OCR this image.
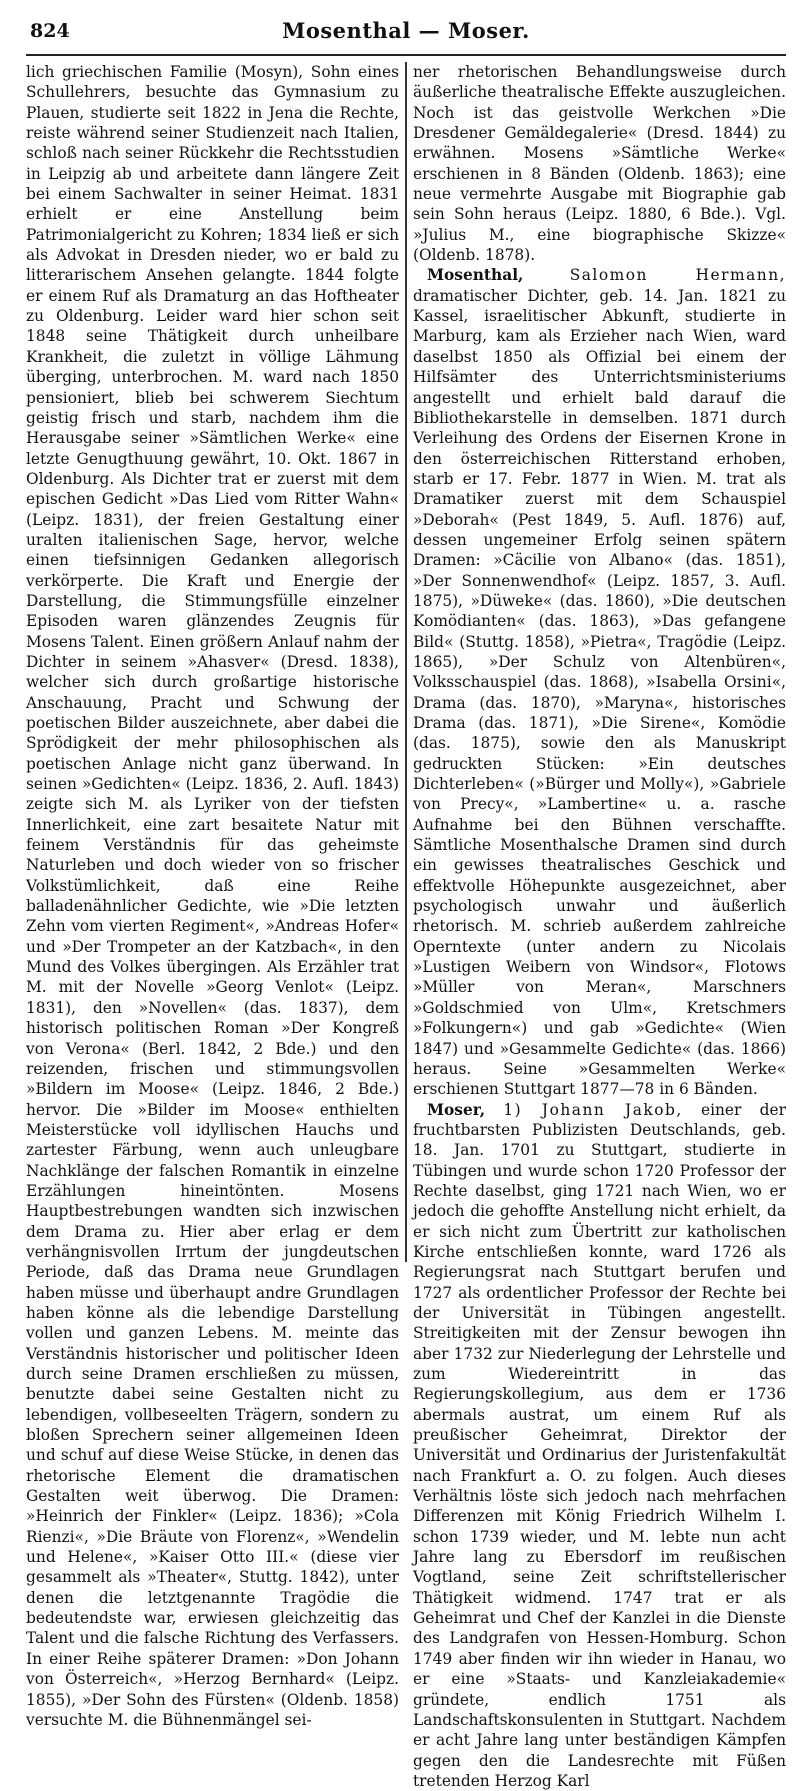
824	Mosenthal — Moser.

lich griechischen Familie (Mosyn), Sohn eines Schullehrers, besuchte das Gymnasium zu Plauen, studierte seit 1822 in Jena die Rechte, reiste während seiner Studienzeit nach Italien, schloß nach seiner Rückkehr die Rechtsstudien in Leipzig ab und arbeitete dann längere Zeit bei einem Sachwalter in seiner Heimat. 1831 erhielt er eine Anstellung beim Patrimonialgericht zu Kohren; 1834 ließ er sich als Advokat in Dresden nieder, wo er bald zu litterarischem Ansehen gelangte. 1844 folgte er einem Ruf als Dramaturg an das Hoftheater zu Oldenburg. Leider ward hier schon seit 1848 seine Thätigkeit durch unheilbare Krankheit, die zuletzt in völlige Lähmung überging, unterbrochen. M. ward nach 1850 pensioniert, blieb bei schwerem Siechtum geistig frisch und starb, nachdem ihm die Herausgabe seiner »Sämtlichen Werke« eine letzte Genugthuung gewährt, 10. Okt. 1867 in Oldenburg. Als Dichter trat er zuerst mit dem epischen Gedicht »Das Lied vom Ritter Wahn« (Leipz. 1831), der freien Gestaltung einer uralten italienischen Sage, hervor, welche einen tiefsinnigen Gedanken allegorisch verkörperte. Die Kraft und Energie der Darstellung, die Stimmungsfülle einzelner Episoden waren glänzendes Zeugnis für Mosens Talent. Einen größern Anlauf nahm der Dichter in seinem »Ahasver« (Dresd. 1838), welcher sich durch großartige historische Anschauung, Pracht und Schwung der poetischen Bilder auszeichnete, aber dabei die Sprödigkeit der mehr philosophischen als poetischen Anlage nicht ganz überwand. In seinen »Gedichten« (Leipz. 1836, 2. Aufl. 1843) zeigte sich M. als Lyriker von der tiefsten Innerlichkeit, eine zart besaitete Natur mit feinem Verständnis für das geheimste Naturleben und doch wieder von so frischer Volkstümlichkeit, daß eine Reihe balladenähnlicher Gedichte, wie »Die letzten Zehn vom vierten Regiment«, »Andreas Hofer« und »Der Trompeter an der Katzbach«, in den Mund des Volkes übergingen. Als Erzähler trat M. mit der Novelle »Georg Venlot« (Leipz. 1831), den »Novellen« (das. 1837), dem historisch politischen Roman »Der Kongreß von Verona« (Berl. 1842, 2 Bde.) und den reizenden, frischen und stimmungsvollen »Bildern im Moose« (Leipz. 1846, 2 Bde.) hervor. Die »Bilder im Moose« enthielten Meisterstücke voll idyllischen Hauchs und zartester Färbung, wenn auch unleugbare Nachklänge der falschen Romantik in einzelne Erzählungen hineintönten. Mosens Hauptbestrebungen wandten sich inzwischen dem Drama zu. Hier aber erlag er dem verhängnisvollen Irrtum der jungdeutschen Periode, daß das Drama neue Grundlagen haben müsse und überhaupt andre Grundlagen haben könne als die lebendige Darstellung vollen und ganzen Lebens. M. meinte das Verständnis historischer und politischer Ideen durch seine Dramen erschließen zu müssen, benutzte dabei seine Gestalten nicht zu lebendigen, vollbeseelten Trägern, sondern zu bloßen Sprechern seiner allgemeinen Ideen und schuf auf diese Weise Stücke, in denen das rhetorische Element die dramatischen Gestalten weit überwog. Die Dramen: »Heinrich der Finkler« (Leipz. 1836); »Cola Rienzi«, »Die Bräute von Florenz«, »Wendelin und Helene«, »Kaiser Otto III.« (diese vier gesammelt als »Theater«, Stuttg. 1842), unter denen die letztgenannte Tragödie die bedeutendste war, erwiesen gleichzeitig das Talent und die falsche Richtung des Verfassers. In einer Reihe späterer Dramen: »Don Johann von Österreich«, »Herzog Bernhard« (Leipz. 1855), »Der Sohn des Fürsten« (Oldenb. 1858) versuchte M. die Bühnenmängel sei-

ner rhetorischen Behandlungsweise durch äußerliche theatralische Effekte auszugleichen. Noch ist das geistvolle Werkchen »Die Dresdener Gemäldegalerie« (Dresd. 1844) zu erwähnen. Mosens »Sämtliche Werke« erschienen in 8 Bänden (Oldenb. 1863); eine neue vermehrte Ausgabe mit Biographie gab sein Sohn heraus (Leipz. 1880, 6 Bde.). Vgl. »Julius M., eine biographische Skizze« (Oldenb. 1878).

Mosenthal,	Salomon Hermann, dramatischer Dichter, geb. 14. Jan. 1821 zu Kassel, israelitischer Abkunft, studierte in Marburg, kam als Erzieher nach Wien, ward daselbst 1850 als Offizial bei einem der Hilfsämter des Unterrichtsministeriums angestellt und erhielt bald darauf die Bibliothekarstelle in demselben. 1871 durch Verleihung des Ordens der Eisernen Krone in den österreichischen Ritterstand erhoben, starb er 17. Febr. 1877 in Wien. M. trat als Dramatiker zuerst mit dem Schauspiel »Deborah« (Pest 1849, 5. Aufl. 1876) auf, dessen ungemeiner Erfolg seinen spätern Dramen: »Cäcilie von Albano« (das. 1851), »Der Sonnenwendhof« (Leipz. 1857, 3. Aufl. 1875), »Düweke« (das. 1860), »Die deutschen Komödianten« (das. 1863), »Das gefangene Bild« (Stuttg. 1858), »Pietra«, Tragödie (Leipz. 1865), »Der Schulz von Altenbüren«, Volksschauspiel (das. 1868), »Isabella Orsini«, Drama (das. 1870), »Maryna«, historisches Drama (das. 1871), »Die Sirene«, Komödie (das. 1875), sowie den als Manuskript gedruckten Stücken: »Ein deutsches Dichterleben« (»Bürger und Molly«), »Gabriele von Precy«, »Lambertine« u. a. rasche Aufnahme bei den Bühnen verschaffte. Sämtliche Mosenthalsche Dramen sind durch ein gewisses theatralisches Geschick und effektvolle Höhepunkte ausgezeichnet, aber psychologisch unwahr und äußerlich rhetorisch. M. schrieb außerdem zahlreiche Operntexte (unter andern zu Nicolais »Lustigen Weibern von Windsor«, Flotows »Müller von Meran«, Marschners »Goldschmied von Ulm«, Kretschmers »Folkungern«) und gab »Gedichte« (Wien 1847) und »Gesammelte Gedichte« (das. 1866) heraus. Seine »Gesammelten Werke« erschienen Stuttgart 1877—78 in 6 Bänden.

Moser, 1) Johann Jakob, einer der fruchtbarsten Publizisten Deutschlands, geb. 18. Jan. 1701 zu Stuttgart, studierte in Tübingen und wurde schon 1720 Professor der Rechte daselbst, ging 1721 nach Wien, wo er jedoch die gehoffte Anstellung nicht erhielt, da er sich nicht zum Übertritt zur katholischen Kirche entschließen konnte, ward 1726 als Regierungsrat nach Stuttgart berufen und 1727 als ordentlicher Professor der Rechte bei der Universität in Tübingen angestellt. Streitigkeiten mit der Zensur bewogen ihn aber 1732 zur Niederlegung der Lehrstelle und zum Wiedereintritt in das Regierungskollegium, aus dem er 1736 abermals austrat, um einem Ruf als preußischer Geheimrat, Direktor der Universität und Ordinarius der Juristenfakultät nach Frankfurt a. O. zu folgen. Auch dieses Verhältnis löste sich jedoch nach mehrfachen Differenzen mit König Friedrich Wilhelm I. schon 1739 wieder, und M. lebte nun acht Jahre lang zu Ebersdorf im reußischen Vogtland, seine Zeit schriftstellerischer Thätigkeit widmend. 1747 trat er als Geheimrat und Chef der Kanzlei in die Dienste des Landgrafen von Hessen-Homburg. Schon 1749 aber finden wir ihn wieder in Hanau, wo er eine »Staats- und Kanzleiakademie« gründete, endlich 1751 als Landschaftskonsulenten in Stuttgart. Nachdem er acht Jahre lang unter beständigen Kämpfen gegen den die Landesrechte mit Füßen tretenden Herzog Karl
